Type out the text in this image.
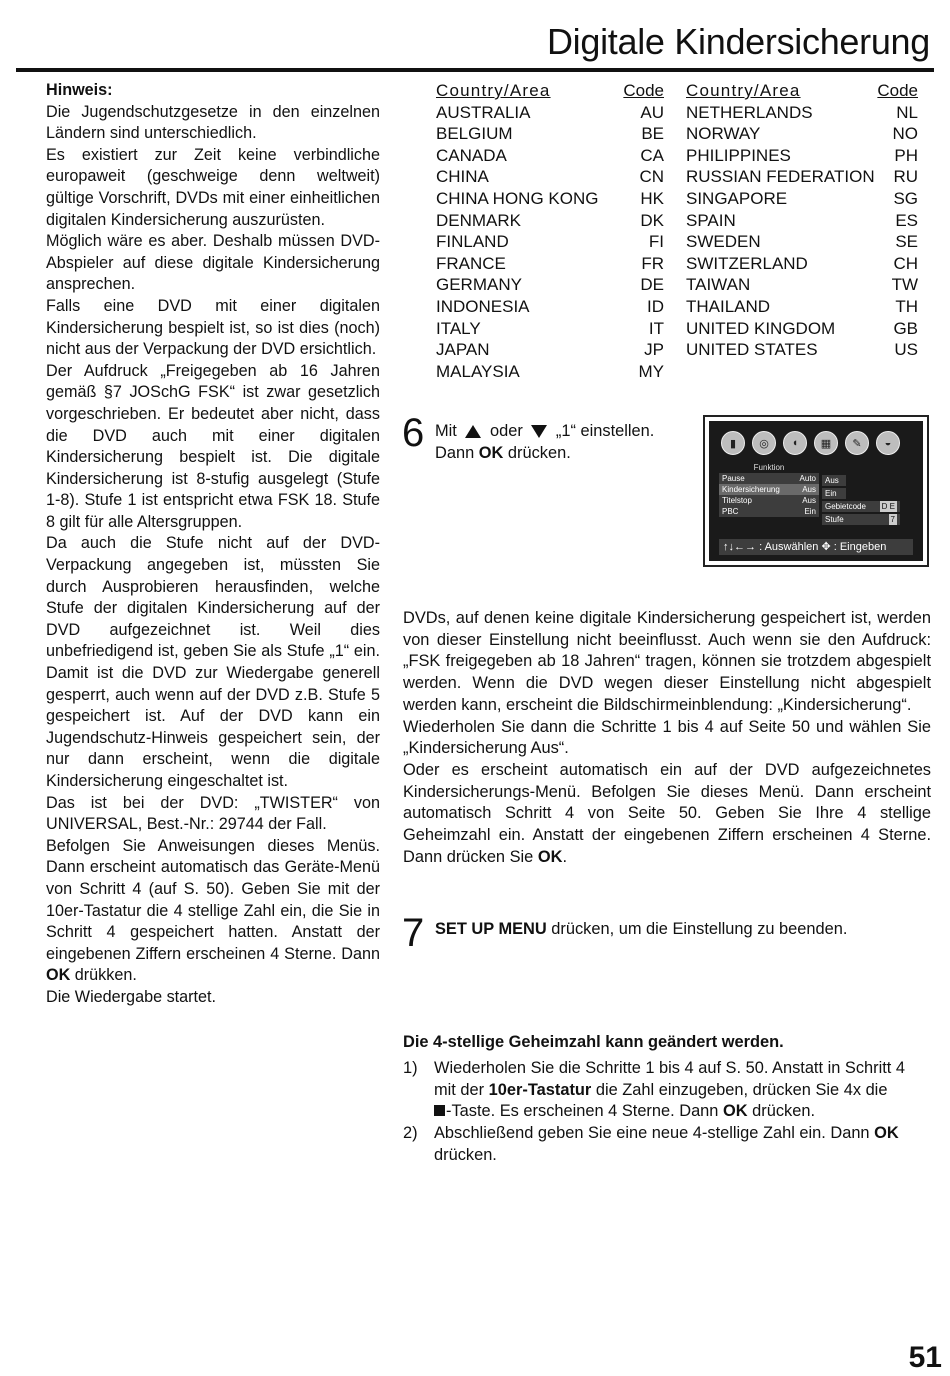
Digitale Kindersicherung

Hinweis:

Die Jugendschutzgesetze in den einzelnen Ländern sind unterschiedlich.

Es existiert zur Zeit keine verbindliche europaweit (geschweige denn weltweit) gültige Vorschrift, DVDs mit einer einheitlichen digitalen Kindersicherung auszurüsten.

Möglich wäre es aber. Deshalb müssen DVD-Abspieler auf diese digitale Kindersicherung ansprechen.

Falls eine DVD mit einer digitalen Kindersicherung bespielt ist, so ist dies (noch) nicht aus der Verpackung der DVD ersichtlich.

Der Aufdruck „Freigegeben ab 16 Jahren gemäß §7 JOSchG FSK“ ist zwar gesetzlich vorgeschrieben. Er bedeutet aber nicht, dass die DVD auch mit einer digitalen Kindersicherung bespielt ist. Die digitale Kindersicherung ist 8-stufig ausgelegt (Stufe 1-8). Stufe 1 ist entspricht etwa FSK 18. Stufe 8 gilt für alle Altersgruppen.

Da auch die Stufe nicht auf der DVD-Verpackung angegeben ist, müssten Sie durch Ausprobieren herausfinden, welche Stufe der digitalen Kindersicherung auf der DVD aufgezeichnet ist. Weil dies unbefriedigend ist, geben Sie als Stufe „1“ ein. Damit ist die DVD zur Wiedergabe generell gesperrt, auch wenn auf der DVD z.B. Stufe 5 gespeichert ist. Auf der DVD kann ein Jugendschutz-Hinweis gespeichert sein, der nur dann erscheint, wenn die digitale Kindersicherung eingeschaltet ist.

Das ist bei der DVD: „TWISTER“ von UNIVERSAL, Best.-Nr.: 29744 der Fall.

Befolgen Sie Anweisungen dieses Menüs. Dann erscheint automatisch das Geräte-Menü von Schritt 4 (auf S. 50). Geben Sie mit der 10er-Tastatur die 4 stellige Zahl ein, die Sie in Schritt 4 gespeichert hatten. Anstatt der eingebenen Ziffern erscheinen 4 Sterne. Dann OK drükken.

Die Wiedergabe startet.

Country/Area	Code
AUSTRALIA	AU
BELGIUM	BE
CANADA	CA
CHINA	CN
CHINA HONG KONG HK
DENMARK	DK
FINLAND	FI
FRANCE	FR
GERMANY	DE
INDONESIA	ID
ITALY	IT
JAPAN	JP
MALAYSIA	MY
Country/Area	Code
NETHERLANDS	NL
NORWAY	NO
PHILIPPINES	PH
RUSSIAN FEDERATION RU
SINGAPORE	SG
SPAIN	ES
SWEDEN	SE
SWITZERLAND	CH
TAIWAN	TW
THAILAND	TH
UNITED KINGDOM	GB
UNITED STATES	US
6 Mit oder „1“ einstellen.
Dann OK drücken.
▮	◎	◖	▦	✎	◒
Funktion
Pause	Auto
Kindersicherung	Aus
Titelstop	Aus
PBC	Ein
Aus
Ein
Gebietcode D E
Stufe	7
↑↓←→ : Auswählen ✥ : Eingeben

DVDs, auf denen keine digitale Kindersicherung gespeichert ist, werden von dieser Einstellung nicht beeinflusst. Auch wenn sie den Aufdruck: „FSK freigegeben ab 18 Jahren“ tragen, können sie trotzdem abgespielt werden. Wenn die DVD wegen dieser Einstellung nicht abgespielt werden kann, erscheint die Bildschirmeinblendung: „Kindersicherung“.

Wiederholen Sie dann die Schritte 1 bis 4 auf Seite 50 und wählen Sie „Kindersicherung Aus“.

Oder es erscheint automatisch ein auf der DVD aufgezeichnetes Kindersicherungs-Menü. Befolgen Sie dieses Menü. Dann erscheint automatisch Schritt 4 von Seite 50. Geben Sie Ihre 4 stellige Geheimzahl ein. Anstatt der eingebenen Ziffern erscheinen 4 Sterne. Dann drücken Sie OK.

7 SET UP MENU drücken, um die Einstellung zu beenden.
Die 4-stellige Geheimzahl kann geändert werden.
1)	Wiederholen Sie die Schritte 1 bis 4 auf S. 50. Anstatt in Schritt 4 mit der 10er-Tastatur die Zahl einzugeben, drücken Sie 4x die
-Taste. Es erscheinen 4 Sterne. Dann OK drücken.
2)	Abschließend geben Sie eine neue 4-stellige Zahl ein. Dann OK drücken.
51
